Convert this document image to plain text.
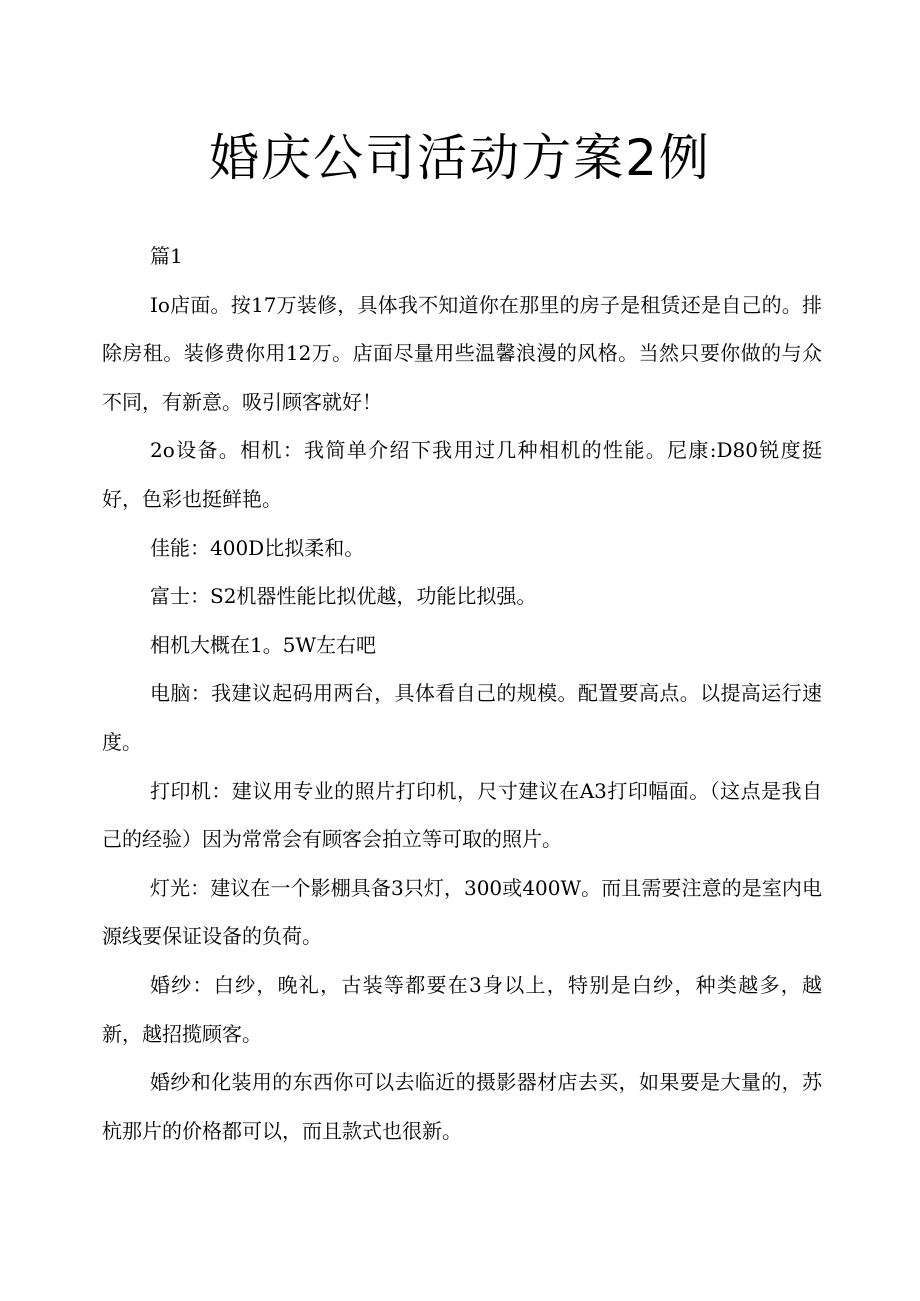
婚庆公司活动方案2例

篇1

Io店面。按17万装修，具体我不知道你在那里的房子是租赁还是自己的。排除房租。装修费你用12万。店面尽量用些温馨浪漫的风格。当然只要你做的与众不同，有新意。吸引顾客就好！

2o设备。相机：我简单介绍下我用过几种相机的性能。尼康:D80锐度挺好，色彩也挺鲜艳。

佳能：400D比拟柔和。

富士：S2机器性能比拟优越，功能比拟强。

相机大概在1。5W左右吧

电脑：我建议起码用两台，具体看自己的规模。配置要高点。以提高运行速度。

打印机：建议用专业的照片打印机，尺寸建议在A3打印幅面。（这点是我自己的经验）因为常常会有顾客会拍立等可取的照片。

灯光：建议在一个影棚具备3只灯，300或400W。而且需要注意的是室内电源线要保证设备的负荷。

婚纱：白纱，晚礼，古装等都要在3身以上，特别是白纱，种类越多，越新，越招揽顾客。

婚纱和化装用的东西你可以去临近的摄影器材店去买，如果要是大量的，苏杭那片的价格都可以，而且款式也很新。
